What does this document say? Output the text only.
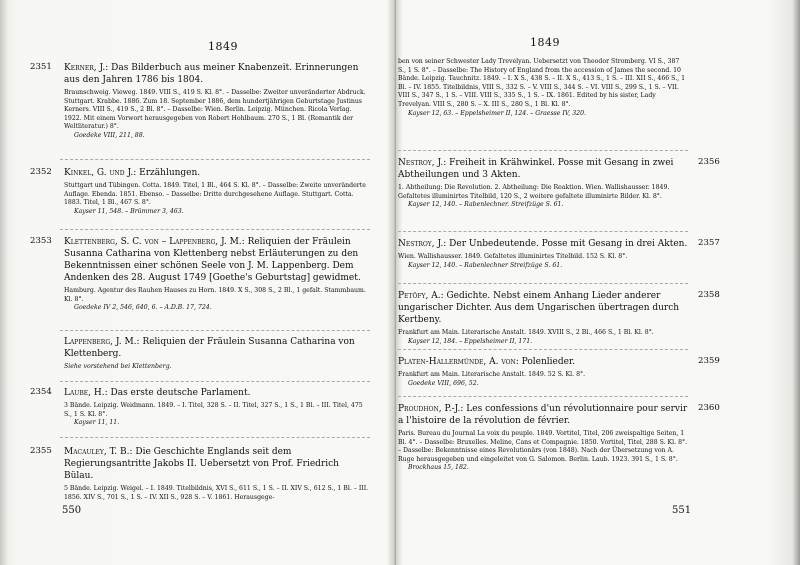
1849
2351 Kerner, J.: Das Bilderbuch aus meiner Knabenzeit. Erinnerungen aus den Jahren 1786 bis 1804.
Braunschweig. Vieweg. 1849. VIII S., 419 S. Kl. 8°. – Dasselbe: Zweiter unveränderter Abdruck. Stuttgart. Krabbe. 1886. Zum 18. September 1886, dem hundertjährigen Geburtstage Justinus Kerners. VIII S., 419 S., 2 Bl. 8°. – Dasselbe: Wien. Berlin. Leipzig. München. Ricola Verlag. 1922. Mit einem Vorwort herausgegeben von Robert Hohlbaum. 270 S., 1 Bl. (Romantik der Weltliteratur.) 8°.
Goedeke VIII, 211, 88.
2352 Kinkel, G. und J.: Erzählungen.
Stuttgart und Tübingen. Cotta. 1849. Titel, 1 Bl., 464 S. Kl. 8°. – Dasselbe: Zweite unveränderte Auflage. Ebenda. 1851. Ebenso. – Dasselbe: Dritte durchgesehene Auflage. Stuttgart. Cotta. 1883. Titel, 1 Bl., 467 S. 8°.
Kayser 11, 548. – Brümmer 3, 463.
2353 Klettenberg, S. C. von – Lappenberg, J. M.: Reliquien der Fräulein Susanna Catharina von Klettenberg nebst Erläuterungen zu den Bekenntnissen einer schönen Seele von J. M. Lappenberg. Dem Andenken des 28. August 1749 [Goethe's Geburtstag] gewidmet.
Hamburg. Agentur des Rauhen Hauses zu Horn. 1849. X S., 308 S., 2 Bl., 1 gefalt. Stammbaum. Kl. 8°.
Goedeke IV 2, 546, 640, 6. – A.D.B. 17, 724.
Lappenberg, J. M.: Reliquien der Fräulein Susanna Catharina von Klettenberg.
Siehe vorstehend bei Klettenberg.
2354 Laube, H.: Das erste deutsche Parlament.
3 Bände. Leipzig. Weidmann. 1849. – I. Titel, 328 S. – II. Titel, 327 S., 1 S., 1 Bl. – III. Titel, 475 S., 1 S. Kl. 8°.
Kayser 11, 11.
2355 Macauley, T. B.: Die Geschichte Englands seit dem Regierungsantritte Jakobs II. Uebersetzt von Prof. Friedrich Bülau.
5 Bände. Leipzig. Weigel. – I. 1849. Titelbildnis, XVI S., 611 S., 1 S. – II. XIV S., 612 S., 1 Bl. – III. 1856. XIV S., 701 S., 1 S. – IV. XII S., 928 S. – V. 1861. Herausgege-
550
1849
ben von seiner Schwester Lady Trevelyan. Uebersetzt von Theodor Stromberg. VI S., 387 S., 1 S. 8°. – Dasselbe: The History of England from the accession of James the second. 10 Bände. Leipzig. Tauchnitz. 1849. – I. X S., 438 S. – II. X S., 413 S., 1 S. – III. XII S., 466 S., 1 Bl. – IV. 1855. Titelbildnis, VIII S., 332 S. – V. VIII S., 344 S. – VI. VIII S., 299 S., 1 S. – VII. VIII S., 347 S., 1 S. – VIII. VIII S., 335 S., 1 S. – IX. 1861. Edited by his sister, Lady Trevelyan. VIII S., 280 S. – X. III S., 280 S., 1 Bl. Kl. 8°.
Kayser 12, 63. – Eppelsheimer II, 124. – Graesse IV, 320.
2356
Nestroy, J.: Freiheit in Krähwinkel. Posse mit Gesang in zwei Abtheilungen und 3 Akten.
1. Abtheilung: Die Revolution. 2. Abtheilung: Die Reaktion. Wien. Wallishausser. 1849. Gefaltetes illuminirtes Titelbild, 120 S., 2 weitere gefaltete illuminirte Bilder. Kl. 8°.
Kayser 12, 140. – Rabenlechner. Streifzüge S. 61.
2357
Nestroy, J.: Der Unbedeutende. Posse mit Gesang in drei Akten.
Wien. Wallishausser. 1849. Gefaltetes illuminirtes Titelbild. 152 S. Kl. 8°.
Kayser 12, 140. – Rabenlechner Streifzüge S. 61.
2358
Petöfy, A.: Gedichte. Nebst einem Anhang Lieder anderer ungarischer Dichter. Aus dem Ungarischen übertragen durch Kertbeny.
Frankfurt am Main. Literarische Anstalt. 1849. XVIII S., 2 Bl., 466 S., 1 Bl. Kl. 8°.
Kayser 12, 184. – Eppelsheimer II, 171.
2359
Platen-Hallermünde, A. von: Polenlieder.
Frankfurt am Main. Literarische Anstalt. 1849. 52 S. Kl. 8°.
Goedeke VIII, 696, 52.
2360
Proudhon, P.-J.: Les confessions d'un révolutionnaire pour servir a l'histoire de la révolution de février.
Paris. Bureau du Journal La voix du peuple. 1849. Vortitel, Titel, 206 zweispaltige Seiten, 1 Bl. 4°. – Dasselbe: Bruxelles. Meline, Cans et Compagnie. 1850. Vortitel, Titel, 288 S. Kl. 8°. – Dasselbe: Bekenntnisse eines Revolutionärs (von 1848). Nach der Übersetzung von A. Ruge herausgegeben und eingeleitet von G. Salomon. Berlin. Laub. 1923. 391 S., 1 S. 8°.
Brockhaus 15, 182.
551
